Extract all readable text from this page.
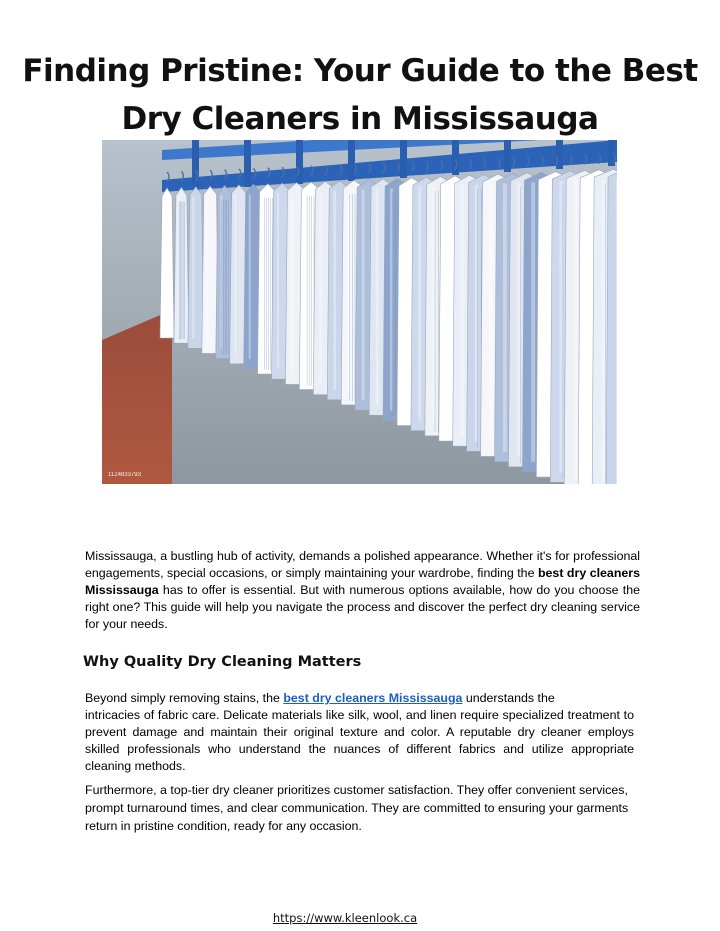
Finding Pristine: Your Guide to the Best Dry Cleaners in Mississauga
1124833793

Mississauga, a bustling hub of activity, demands a polished appearance. Whether it's for professional engagements, special occasions, or simply maintaining your wardrobe, finding the best dry cleaners Mississauga has to offer is essential. But with numerous options available, how do you choose the right one? This guide will help you navigate the process and discover the perfect dry cleaning service for your needs.

Why Quality Dry Cleaning Matters

Beyond simply removing stains, the best dry cleaners Mississauga understands the
intricacies of fabric care. Delicate materials like silk, wool, and linen require specialized treatment to prevent damage and maintain their original texture and color. A reputable dry cleaner employs skilled professionals who understand the nuances of different fabrics and utilize appropriate cleaning methods.

Furthermore, a top-tier dry cleaner prioritizes customer satisfaction. They offer convenient services, prompt turnaround times, and clear communication. They are committed to ensuring your garments return in pristine condition, ready for any occasion.

https://www.kleenlook.ca
